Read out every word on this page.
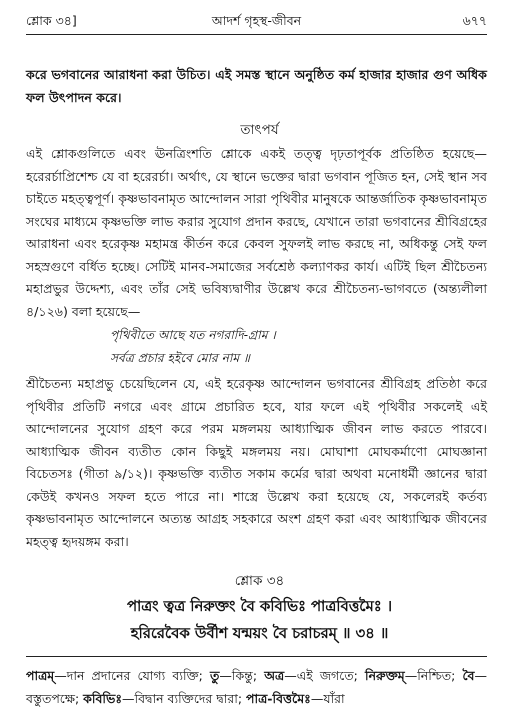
শ্লোক ৩৪]	আদর্শ গৃহস্থ-জীবন	৬৭৭

করে ভগবানের আরাধনা করা উচিত। এই সমস্ত স্থানে অনুষ্ঠিত কর্ম হাজার হাজার গুণ অধিক ফল উৎপাদন করে।

তাৎপর্য

এই শ্লোকগুলিতে এবং ঊনত্রিংশতি শ্লোকে একই তত্ত্ব দৃঢ়তাপূর্বক প্রতিষ্ঠিত হয়েছে—হরেরর্চাপ্রিশেশ্চ যে বা হরেরর্চা। অর্থাৎ, যে স্থানে ভক্তের দ্বারা ভগবান পূজিত হন, সেই স্থান সব চাইতে মহত্ত্বপূর্ণ। কৃষ্ণভাবনামৃত আন্দোলন সারা পৃথিবীর মানুষকে আন্তর্জাতিক কৃষ্ণভাবনামৃত সংঘের মাধ্যমে কৃষ্ণভক্তি লাভ করার সুযোগ প্রদান করছে, যেখানে তারা ভগবানের শ্রীবিগ্রহের আরাধনা এবং হরেকৃষ্ণ মহামন্ত্র কীর্তন করে কেবল সুফলই লাভ করছে না, অধিকন্তু সেই ফল সহস্রগুণে বর্ধিত হচ্ছে। সেটিই মানব-সমাজের সর্বশ্রেষ্ঠ কল্যাণকর কার্য। এটিই ছিল শ্রীচৈতন্য মহাপ্রভুর উদ্দেশ্য, এবং তাঁর সেই ভবিষ্যদ্বাণীর উল্লেখ করে শ্রীচৈতন্য-ভাগবতে (অন্ত্যলীলা ৪/১২৬) বলা হয়েছে—

পৃথিবীতে আছে যত নগরাদি-গ্রাম ।
সর্বত্র প্রচার হইবে মোর নাম ॥

শ্রীচৈতন্য মহাপ্রভু চেয়েছিলেন যে, এই হরেকৃষ্ণ আন্দোলন ভগবানের শ্রীবিগ্রহ প্রতিষ্ঠা করে পৃথিবীর প্রতিটি নগরে এবং গ্রামে প্রচারিত হবে, যার ফলে এই পৃথিবীর সকলেই এই আন্দোলনের সুযোগ গ্রহণ করে পরম মঙ্গলময় আধ্যাত্মিক জীবন লাভ করতে পারবে। আধ্যাত্মিক জীবন ব্যতীত কোন কিছুই মঙ্গলময় নয়। মোঘাশা মোঘকর্মাণো মোঘজ্ঞানা বিচেতসঃ (গীতা ৯/১২)। কৃষ্ণভক্তি ব্যতীত সকাম কর্মের দ্বারা অথবা মনোধর্মী জ্ঞানের দ্বারা কেউই কখনও সফল হতে পারে না। শাস্ত্রে উল্লেখ করা হয়েছে যে, সকলেরই কর্তব্য কৃষ্ণভাবনামৃত আন্দোলনে অত্যন্ত আগ্রহ সহকারে অংশ গ্রহণ করা এবং আধ্যাত্মিক জীবনের মহত্ত্ব হৃদয়ঙ্গম করা।

শ্লোক ৩৪
পাত্রং ত্বত্র নিরুক্তং বৈ কবিভিঃ পাত্রবিত্তমৈঃ ।
হরিরেবৈক উর্বীশ যন্ময়ং বৈ চরাচরম্ ॥ ৩৪ ॥

পাত্রম্—দান প্রদানের যোগ্য ব্যক্তি; তু—কিন্তু; অত্র—এই জগতে; নিরুক্তম্—নিশ্চিত; বৈ—বস্তুতপক্ষে; কবিভিঃ—বিদ্বান ব্যক্তিদের দ্বারা; পাত্র-বিত্তমৈঃ—যাঁরা
